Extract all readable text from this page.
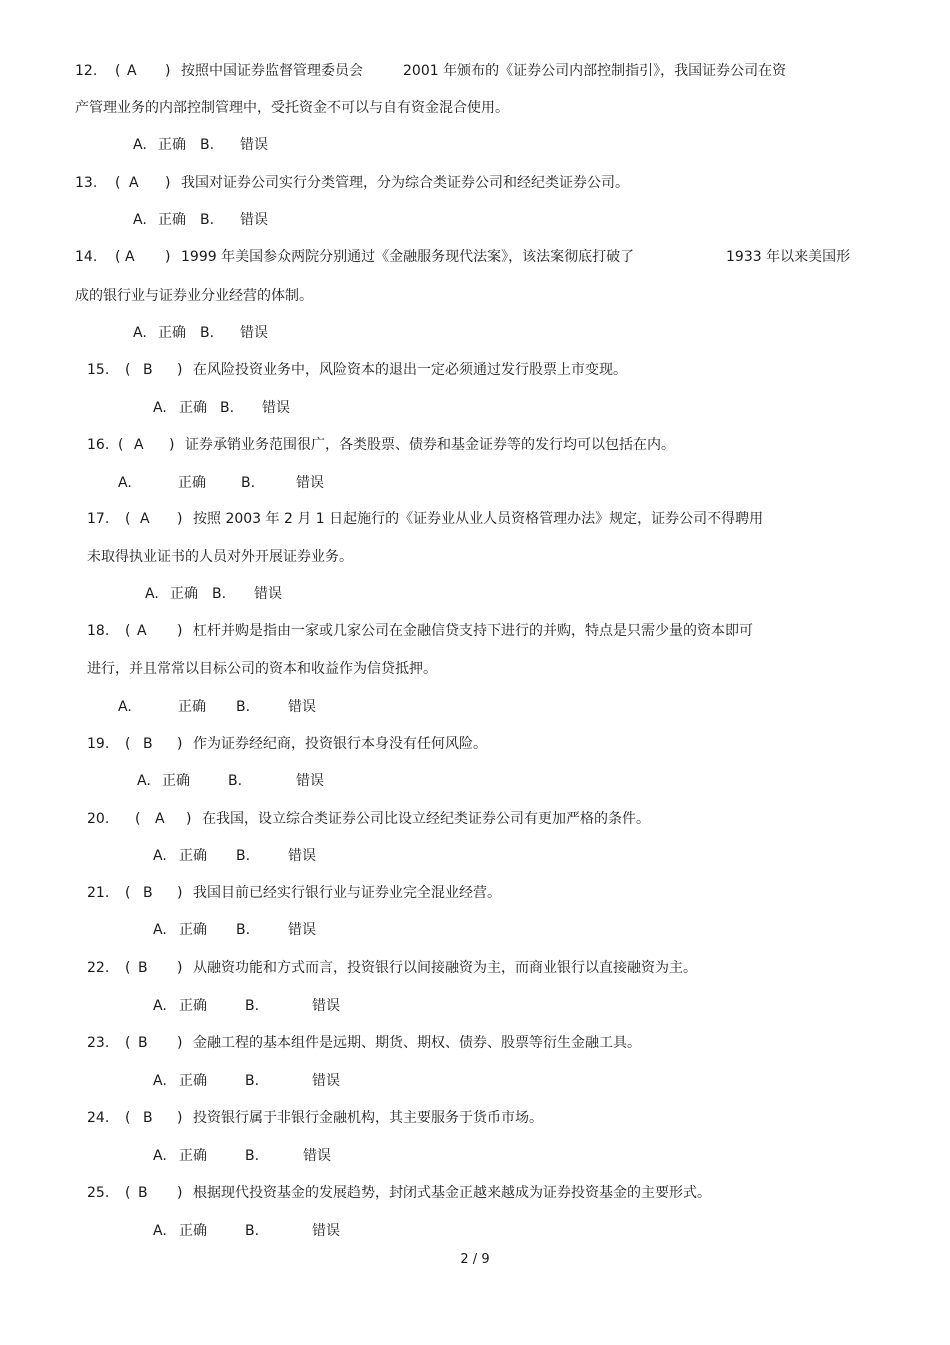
12. ( A ) 按照中国证券监督管理委员会	2001 年颁布的《证券公司内部控制指引》，我国证券公司在资
产管理业务的内部控制管理中，受托资金不可以与自有资金混合使用。
A. 正确 B. 错误
13. ( A ) 我国对证券公司实行分类管理，分为综合类证券公司和经纪类证券公司。
A. 正确 B. 错误
14. ( A ) 1999 年美国参众两院分别通过《金融服务现代法案》，该法案彻底打破了	1933 年以来美国形
成的银行业与证券业分业经营的体制。
A. 正确 B. 错误
15. ( B ) 在风险投资业务中，风险资本的退出一定必须通过发行股票上市变现。
A. 正确 B. 错误
16. ( A ) 证券承销业务范围很广，各类股票、债券和基金证券等的发行均可以包括在内。
A.	正确	B.	错误
17. ( A ) 按照 2003 年 2 月 1 日起施行的《证券业从业人员资格管理办法》规定，证券公司不得聘用
未取得执业证书的人员对外开展证券业务。
A. 正确 B. 错误
18. ( A ) 杠杆并购是指由一家或几家公司在金融信贷支持下进行的并购，特点是只需少量的资本即可
进行，并且常常以目标公司的资本和收益作为信贷抵押。
A.	正确 B.	错误
19. ( B ) 作为证券经纪商，投资银行本身没有任何风险。
A. 正确	B.	错误
20. ( A ) 在我国，设立综合类证券公司比设立经纪类证券公司有更加严格的条件。
A. 正确 B.	错误
21. ( B ) 我国目前已经实行银行业与证券业完全混业经营。
A. 正确 B.	错误
22. ( B ) 从融资功能和方式而言，投资银行以间接融资为主，而商业银行以直接融资为主。
A. 正确	B.	错误
23. ( B ) 金融工程的基本组件是远期、期货、期权、债券、股票等衍生金融工具。
A. 正确	B.	错误
24. ( B ) 投资银行属于非银行金融机构，其主要服务于货币市场。
A. 正确	B.	错误
25. ( B ) 根据现代投资基金的发展趋势，封闭式基金正越来越成为证券投资基金的主要形式。
A. 正确	B.	错误
2 / 9
